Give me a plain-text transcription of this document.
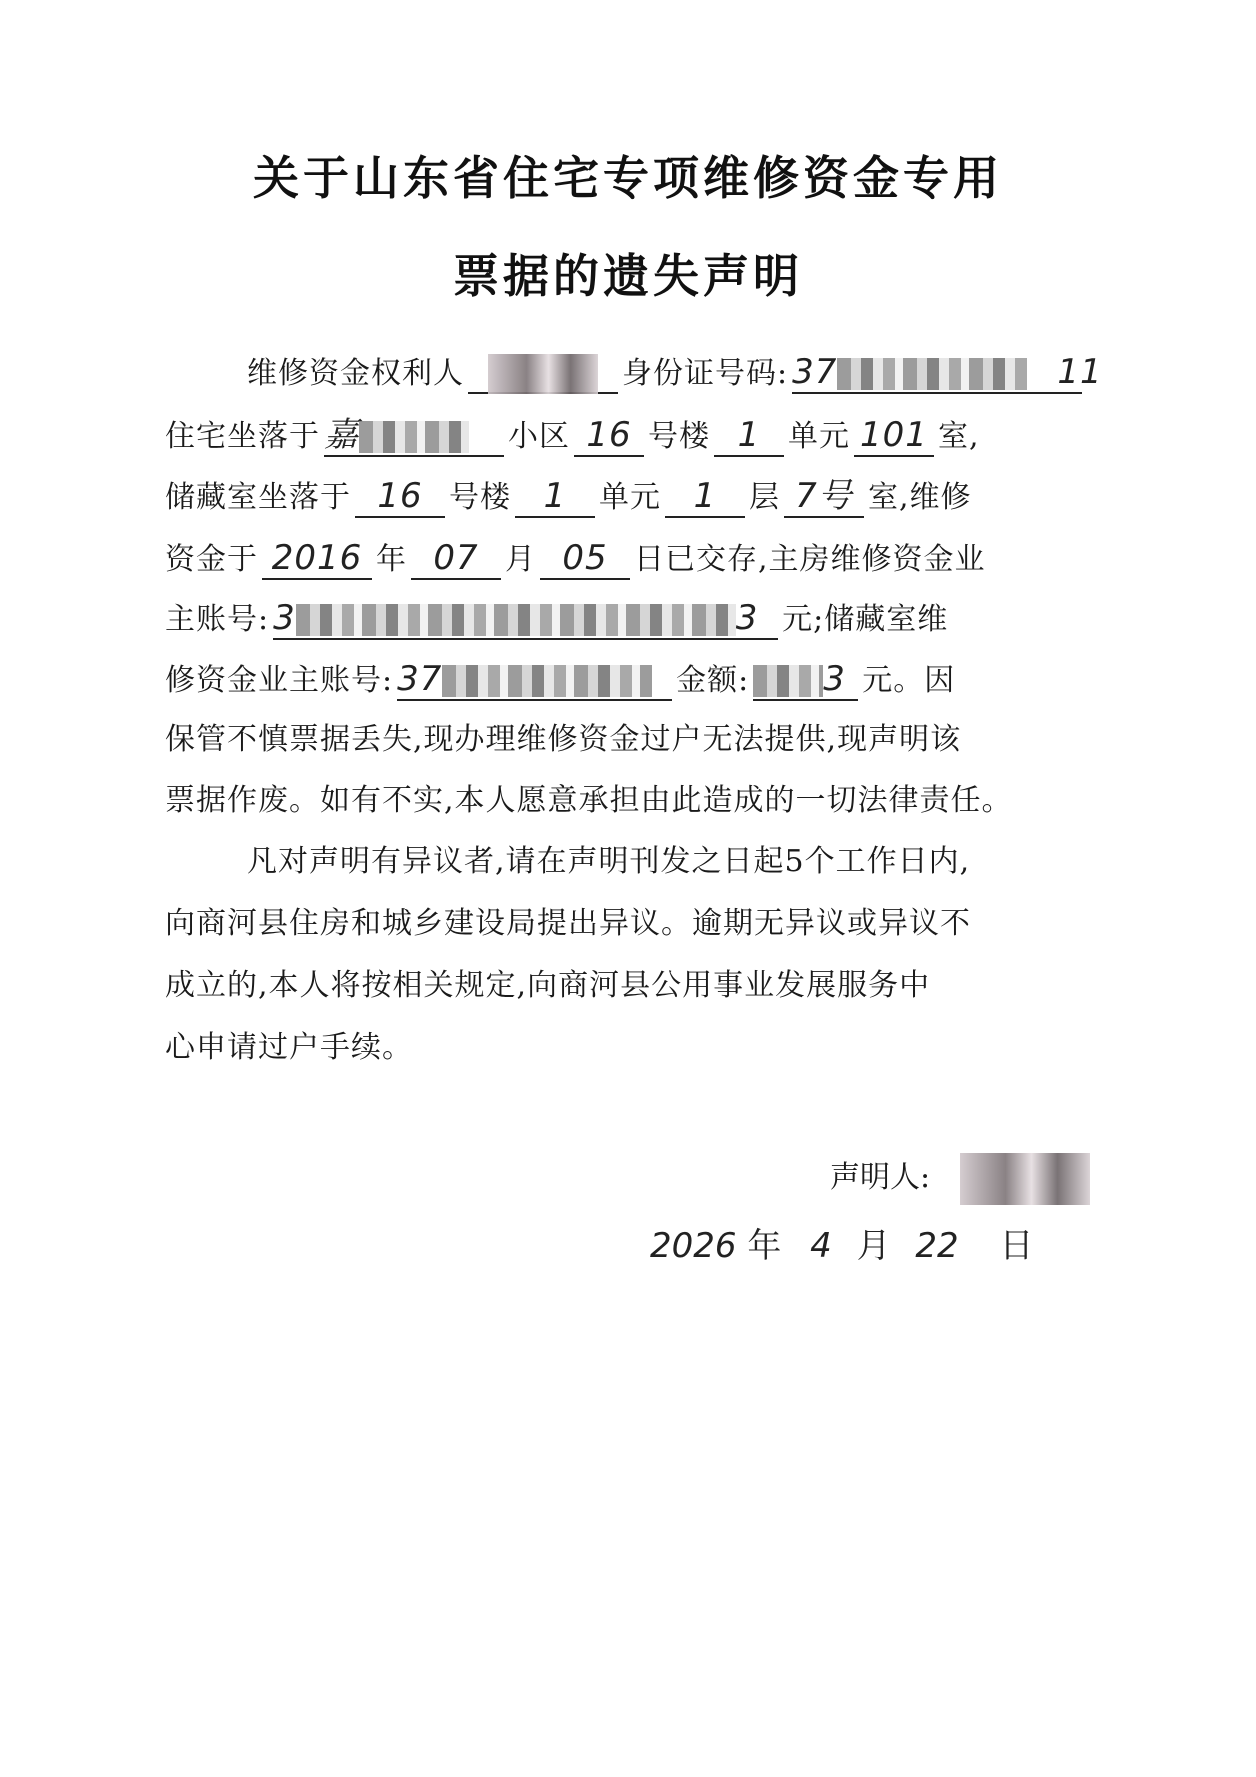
关于山东省住宅专项维修资金专用
票据的遗失声明
维修资金权利人	身份证号码: 37	11
住宅坐落于 嘉	小区 16 号楼 1 单元 101 室,
储藏室坐落于 16 号楼 1 单元 1 层 7号 室,维修
资金于 2016 年 07 月 05 日已交存,主房维修资金业
主账号: 3	3 元;储藏室维
修资金业主账号: 37	金额: 3 元。因
保管不慎票据丢失,现办理维修资金过户无法提供,现声明该
票据作废。如有不实,本人愿意承担由此造成的一切法律责任。
凡对声明有异议者,请在声明刊发之日起5个工作日内,
向商河县住房和城乡建设局提出异议。逾期无异议或异议不
成立的,本人将按相关规定,向商河县公用事业发展服务中
心申请过户手续。
声明人:
2026 年 4 月 22 日
